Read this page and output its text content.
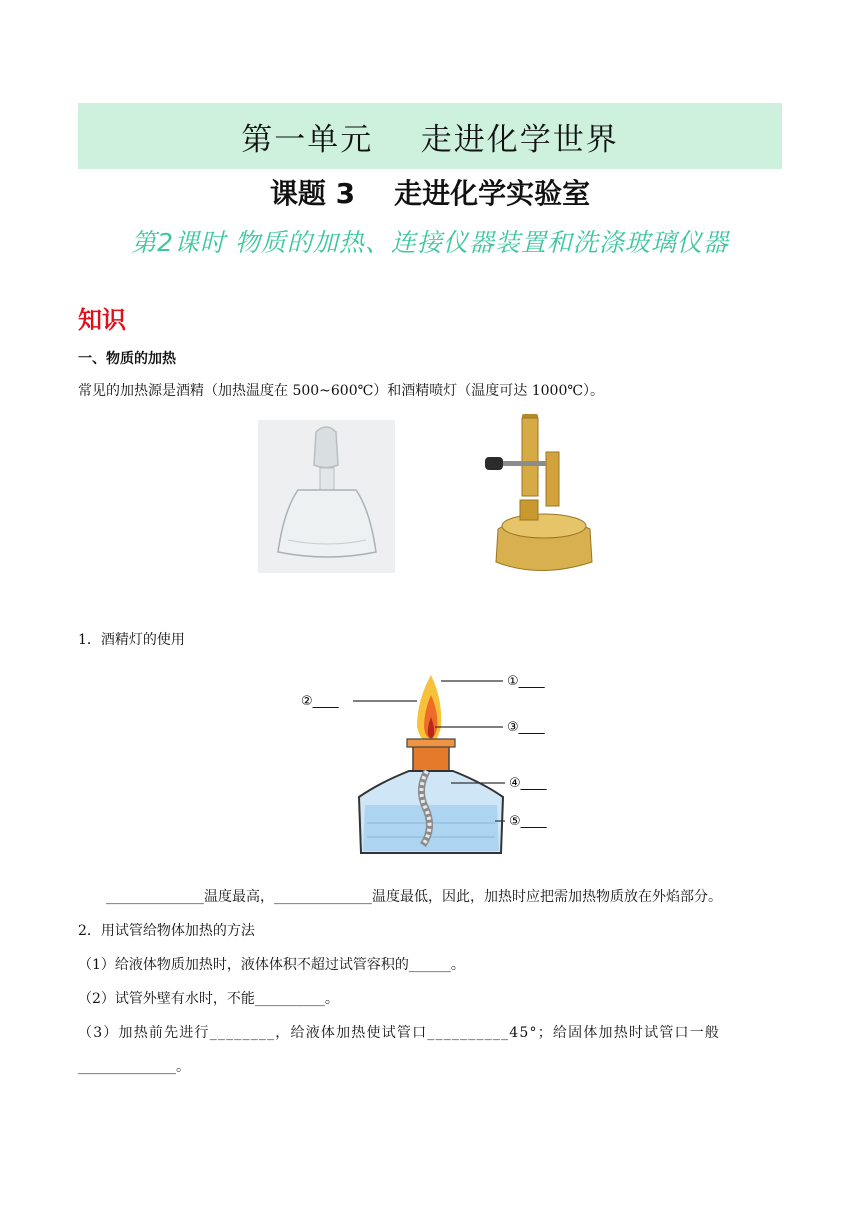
第一单元    走进化学世界
课题 3    走进化学实验室
第2课时 物质的加热、连接仪器装置和洗涤玻璃仪器
知识
一、物质的加热
常见的加热源是酒精（加热温度在 500~600℃）和酒精喷灯（温度可达 1000℃）。
1．酒精灯的使用
①____
②____
③____
④____
⑤____
______________温度最高，______________温度最低，因此，加热时应把需加热物质放在外焰部分。
2．用试管给物体加热的方法
（1）给液体物质加热时，液体体积不超过试管容积的______。
（2）试管外壁有水时，不能__________。
（3）加热前先进行________，给液体加热使试管口__________45°；给固体加热时试管口一般
______________。
